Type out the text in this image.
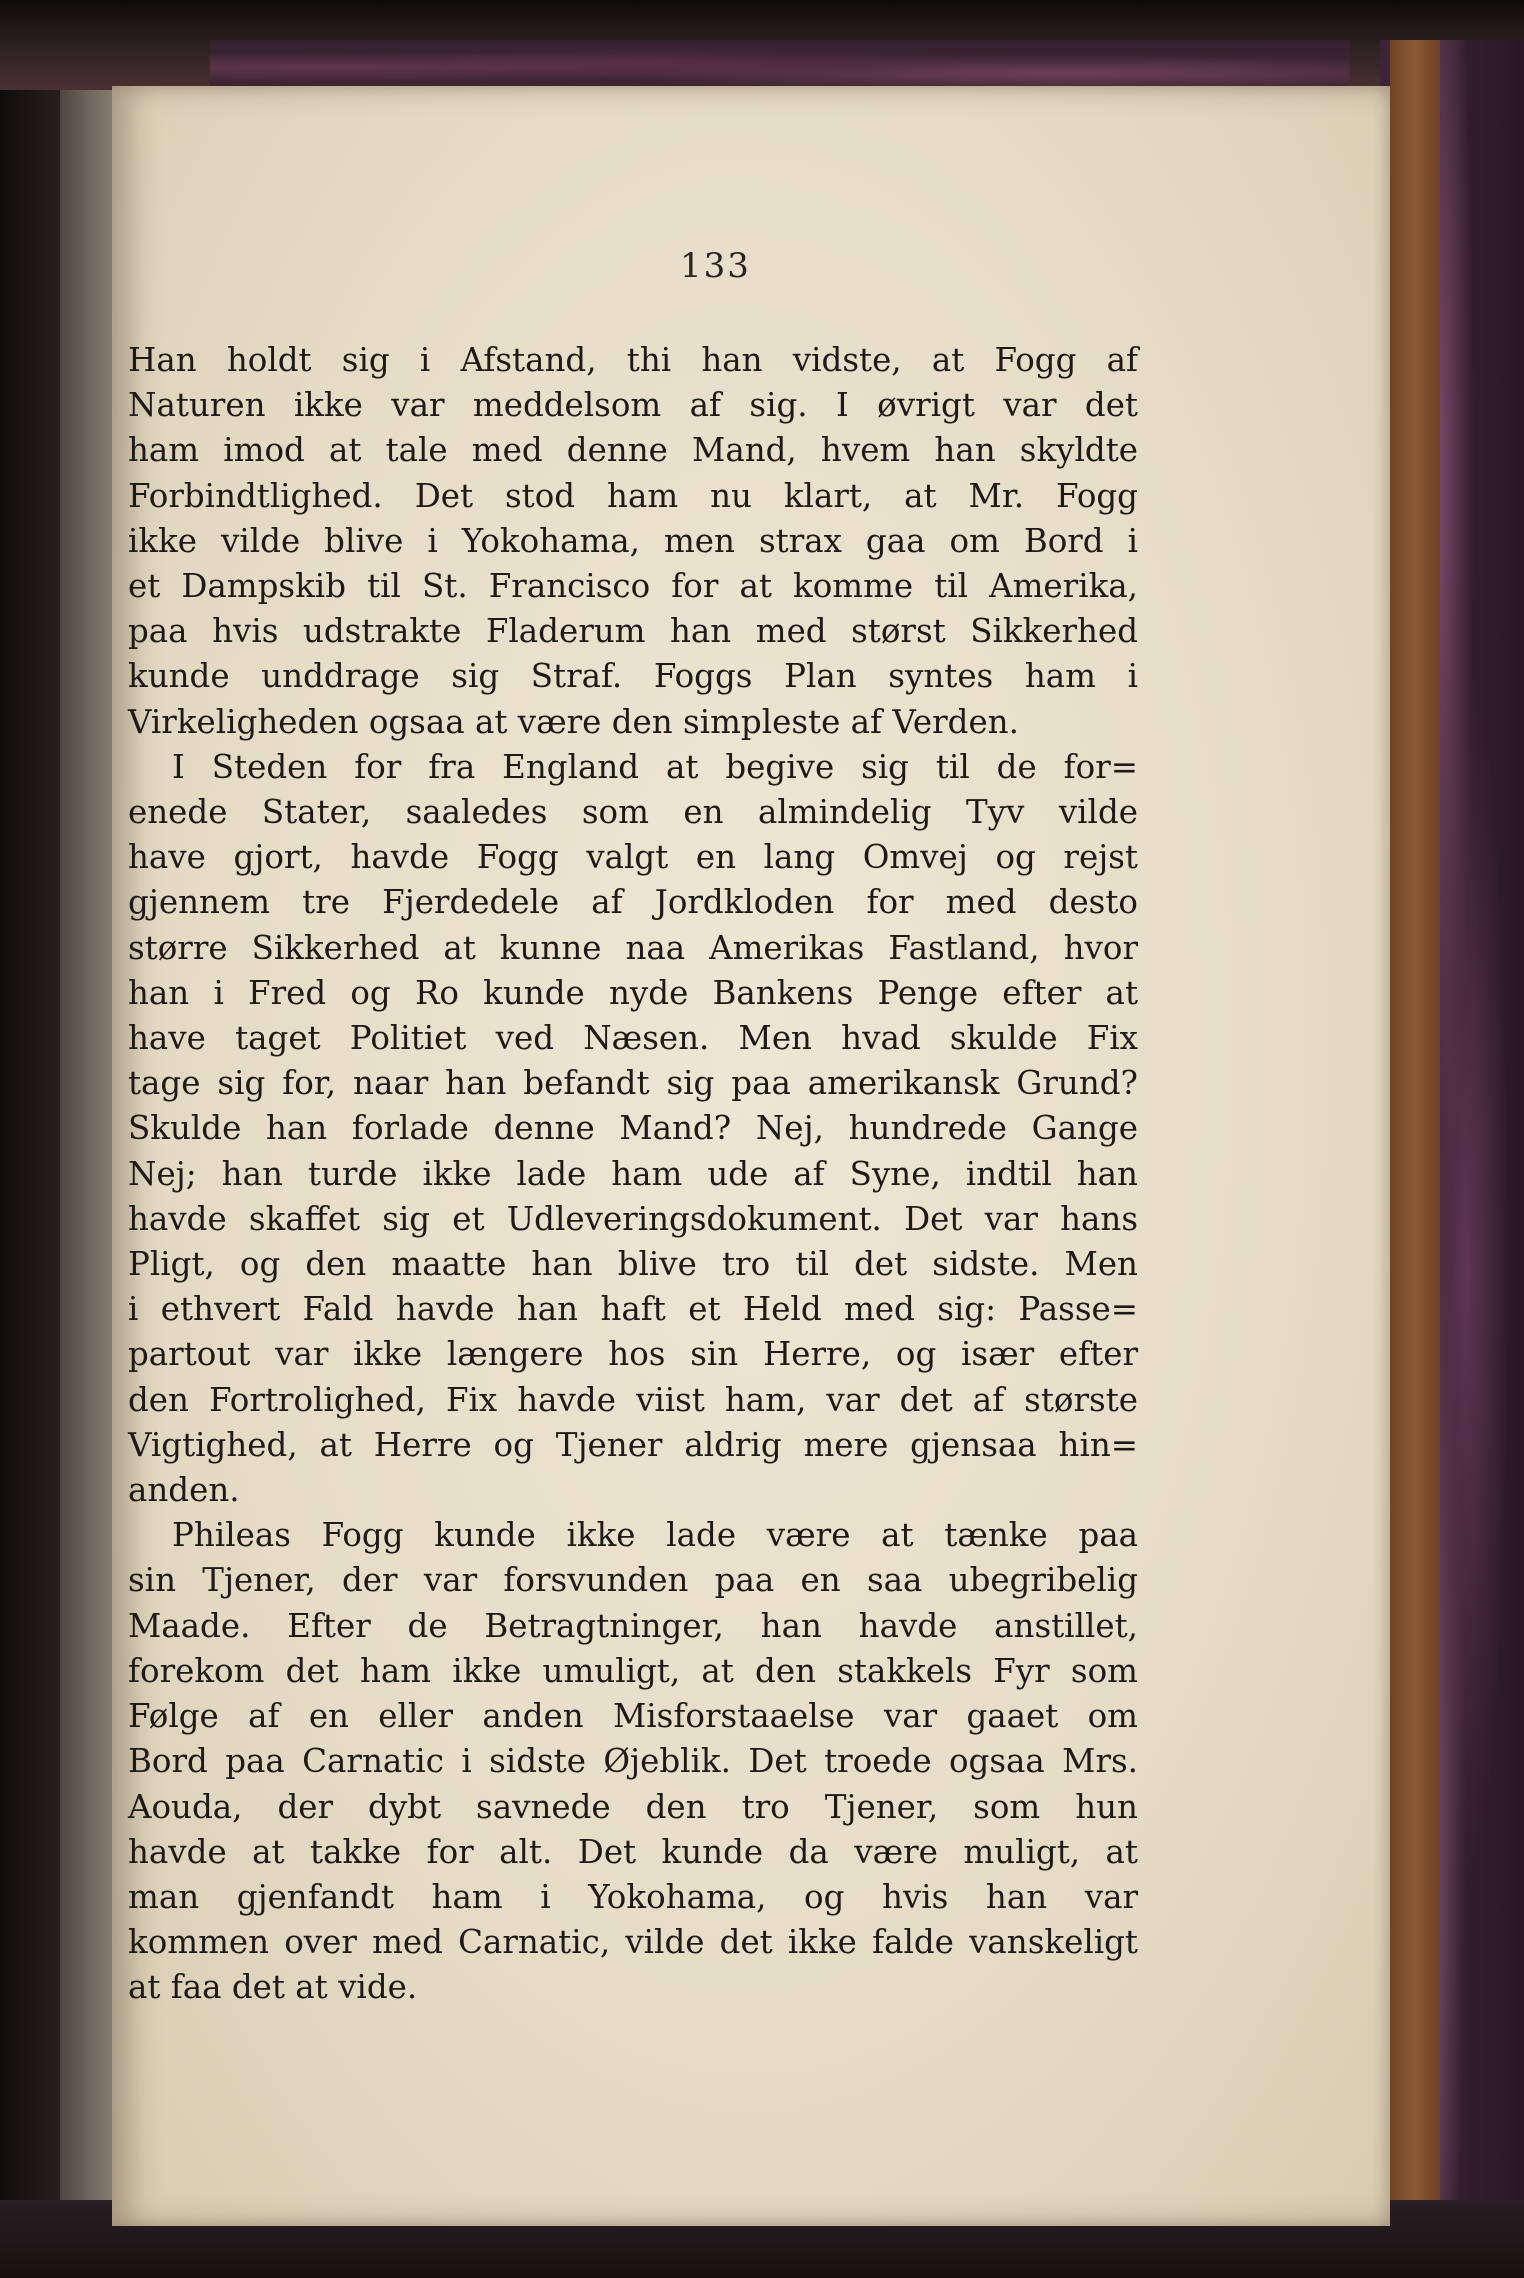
133
Han holdt sig i Afstand, thi han vidste, at Fogg af
Naturen ikke var meddelsom af sig. I øvrigt var det
ham imod at tale med denne Mand, hvem han skyldte
Forbindtlighed. Det stod ham nu klart, at Mr. Fogg
ikke vilde blive i Yokohama, men strax gaa om Bord i
et Dampskib til St. Francisco for at komme til Amerika,
paa hvis udstrakte Fladerum han med størst Sikkerhed
kunde unddrage sig Straf. Foggs Plan syntes ham i
Virkeligheden ogsaa at være den simpleste af Verden.
I Steden for fra England at begive sig til de for=
enede Stater, saaledes som en almindelig Tyv vilde
have gjort, havde Fogg valgt en lang Omvej og rejst
gjennem tre Fjerdedele af Jordkloden for med desto
større Sikkerhed at kunne naa Amerikas Fastland, hvor
han i Fred og Ro kunde nyde Bankens Penge efter at
have taget Politiet ved Næsen. Men hvad skulde Fix
tage sig for, naar han befandt sig paa amerikansk Grund?
Skulde han forlade denne Mand? Nej, hundrede Gange
Nej; han turde ikke lade ham ude af Syne, indtil han
havde skaffet sig et Udleveringsdokument. Det var hans
Pligt, og den maatte han blive tro til det sidste. Men
i ethvert Fald havde han haft et Held med sig: Passe=
partout var ikke længere hos sin Herre, og især efter
den Fortrolighed, Fix havde viist ham, var det af største
Vigtighed, at Herre og Tjener aldrig mere gjensaa hin=
anden.
Phileas Fogg kunde ikke lade være at tænke paa
sin Tjener, der var forsvunden paa en saa ubegribelig
Maade. Efter de Betragtninger, han havde anstillet,
forekom det ham ikke umuligt, at den stakkels Fyr som
Følge af en eller anden Misforstaaelse var gaaet om
Bord paa Carnatic i sidste Øjeblik. Det troede ogsaa Mrs.
Aouda, der dybt savnede den tro Tjener, som hun
havde at takke for alt. Det kunde da være muligt, at
man gjenfandt ham i Yokohama, og hvis han var
kommen over med Carnatic, vilde det ikke falde vanskeligt
at faa det at vide.
